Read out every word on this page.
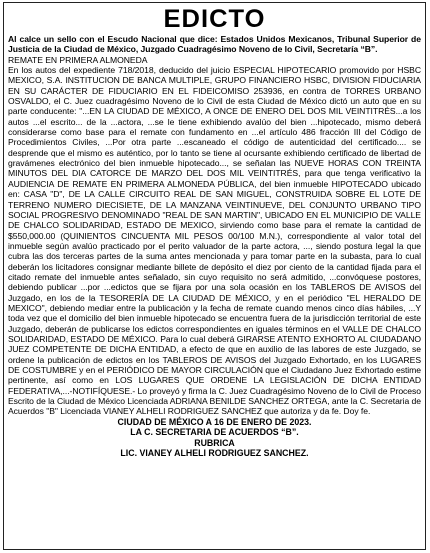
EDICTO

Al calce un sello con el Escudo Nacional que dice: Estados Unidos Mexicanos, Tribunal Superior de Justicia de la Ciudad de México, Juzgado Cuadragésimo Noveno de lo Civil, Secretaría “B”.

REMATE EN PRIMERA ALMONEDA

En los autos del expediente 718/2018, deducido del juicio ESPECIAL HIPOTECARIO promovido por HSBC MEXICO, S.A. INSTITUCION DE BANCA MULTIPLE, GRUPO FINANCIERO HSBC, DIVISION FIDUCIARIA EN SU CARÁCTER DE FIDUCIARIO EN EL FIDEICOMISO 253936, en contra de TORRES URBANO OSVALDO, el C. Juez cuadragésimo Noveno de lo Civil de esta Ciudad de México dictó un auto que en su parte conducente: "...EN LA CIUDAD DE MÉXICO, A ONCE DE ENERO DEL DOS MIL VEINTITRÉS...a los autos ...el escrito... de la ...actora, ...se le tiene exhibiendo avalúo del bien ...hipotecado, mismo deberá considerarse como base para el remate con fundamento en ...el artículo 486 fracción III del Código de Procedimientos Civiles, ...Por otra parte ...escaneado el código de autenticidad del certificado.... se desprende que el mismo es auténtico, por lo tanto se tiene al ocursante exhibiendo certificado de libertad de gravámenes electrónico del bien inmueble hipotecado..., se señalan las NUEVE HORAS CON TREINTA MINUTOS DEL DIA CATORCE DE MARZO DEL DOS MIL VEINTITRÉS, para que tenga verificativo la AUDIENCIA DE REMATE EN PRIMERA ALMONEDA PÚBLICA, del bien inmueble HIPOTECADO ubicado en: CASA "D", DE LA CALLE CIRCUITO REAL DE SAN MIGUEL, CONSTRUIDA SOBRE EL LOTE DE TERRENO NUMERO DIECISIETE, DE LA MANZANA VEINTINUEVE, DEL CONJUNTO URBANO TIPO SOCIAL PROGRESIVO DENOMINADO "REAL DE SAN MARTIN", UBICADO EN EL MUNICIPIO DE VALLE DE CHALCO SOLIDARIDAD, ESTADO DE MEXICO, sirviendo como base para el remate la cantidad de $550,000.00 (QUINIENTOS CINCUENTA MIL PESOS 00/100 M.N.), correspondiente al valor total del inmueble según avalúo practicado por el perito valuador de la parte actora, ..., siendo postura legal la que cubra las dos terceras partes de la suma antes mencionada y para tomar parte en la subasta, para lo cual deberán los licitadores consignar mediante billete de depósito el diez por ciento de la cantidad fijada para el citado remate del inmueble antes señalado, sin cuyo requisito no será admitido, ...convóquese postores, debiendo publicar ...por ...edictos que se fijara por una sola ocasión en los TABLEROS DE AVISOS del Juzgado, en los de la TESORERÍA DE LA CIUDAD DE MÉXICO, y en el periódico "EL HERALDO DE MEXICO", debiendo mediar entre la publicación y la fecha de remate cuando menos cinco días hábiles, ...Y toda vez que el domicilio del bien inmueble hipotecado se encuentra fuera de la jurisdicción territorial de este Juzgado, deberán de publicarse los edictos correspondientes en iguales términos en el VALLE DE CHALCO SOLIDARIDAD, ESTADO DE MÉXICO. Para lo cual deberá GIRARSE ATENTO EXHORTO AL CIUDADANO JUEZ COMPETENTE DE DICHA ENTIDAD, a efecto de que en auxilio de las labores de este Juzgado, se ordene la publicación de edictos en los TABLEROS DE AVISOS del Juzgado Exhortado, en los LUGARES DE COSTUMBRE y en el PERIÓDICO DE MAYOR CIRCULACIÓN que el Ciudadano Juez Exhortado estime pertinente, así como en LOS LUGARES QUE ORDENE LA LEGISLACIÓN DE DICHA ENTIDAD FEDERATIVA,...-NOTIFÍQUESE.- Lo proveyó y firma la C. Juez Cuadragésimo Noveno de lo Civil de Proceso Escrito de la Ciudad de México Licenciada ADRIANA BENILDE SANCHEZ ORTEGA, ante la C. Secretaria de Acuerdos "B" Licenciada VIANEY ALHELI RODRIGUEZ SANCHEZ que autoriza y da fe. Doy fe.

CIUDAD DE MÉXICO A 16 DE ENERO DE 2023.

LA C. SECRETARIA DE ACUERDOS “B”.

RUBRICA

LIC. VIANEY ALHELI RODRIGUEZ SANCHEZ.
